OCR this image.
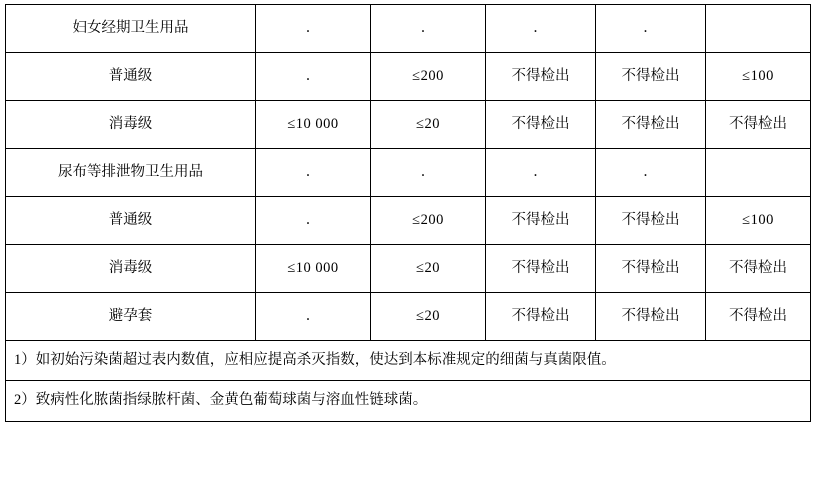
妇女经期卫生用品	．	．	．	．	
普通级	．	≤200	不得检出	不得检出	≤100
消毒级	≤10 000	≤20	不得检出	不得检出	不得检出
尿布等排泄物卫生用品	．	．	．	．	
普通级	．	≤200	不得检出	不得检出	≤100
消毒级	≤10 000	≤20	不得检出	不得检出	不得检出
避孕套	．	≤20	不得检出	不得检出	不得检出
1）如初始污染菌超过表内数值，应相应提高杀灭指数，使达到本标准规定的细菌与真菌限值。					
2）致病性化脓菌指绿脓杆菌、金黄色葡萄球菌与溶血性链球菌。					
